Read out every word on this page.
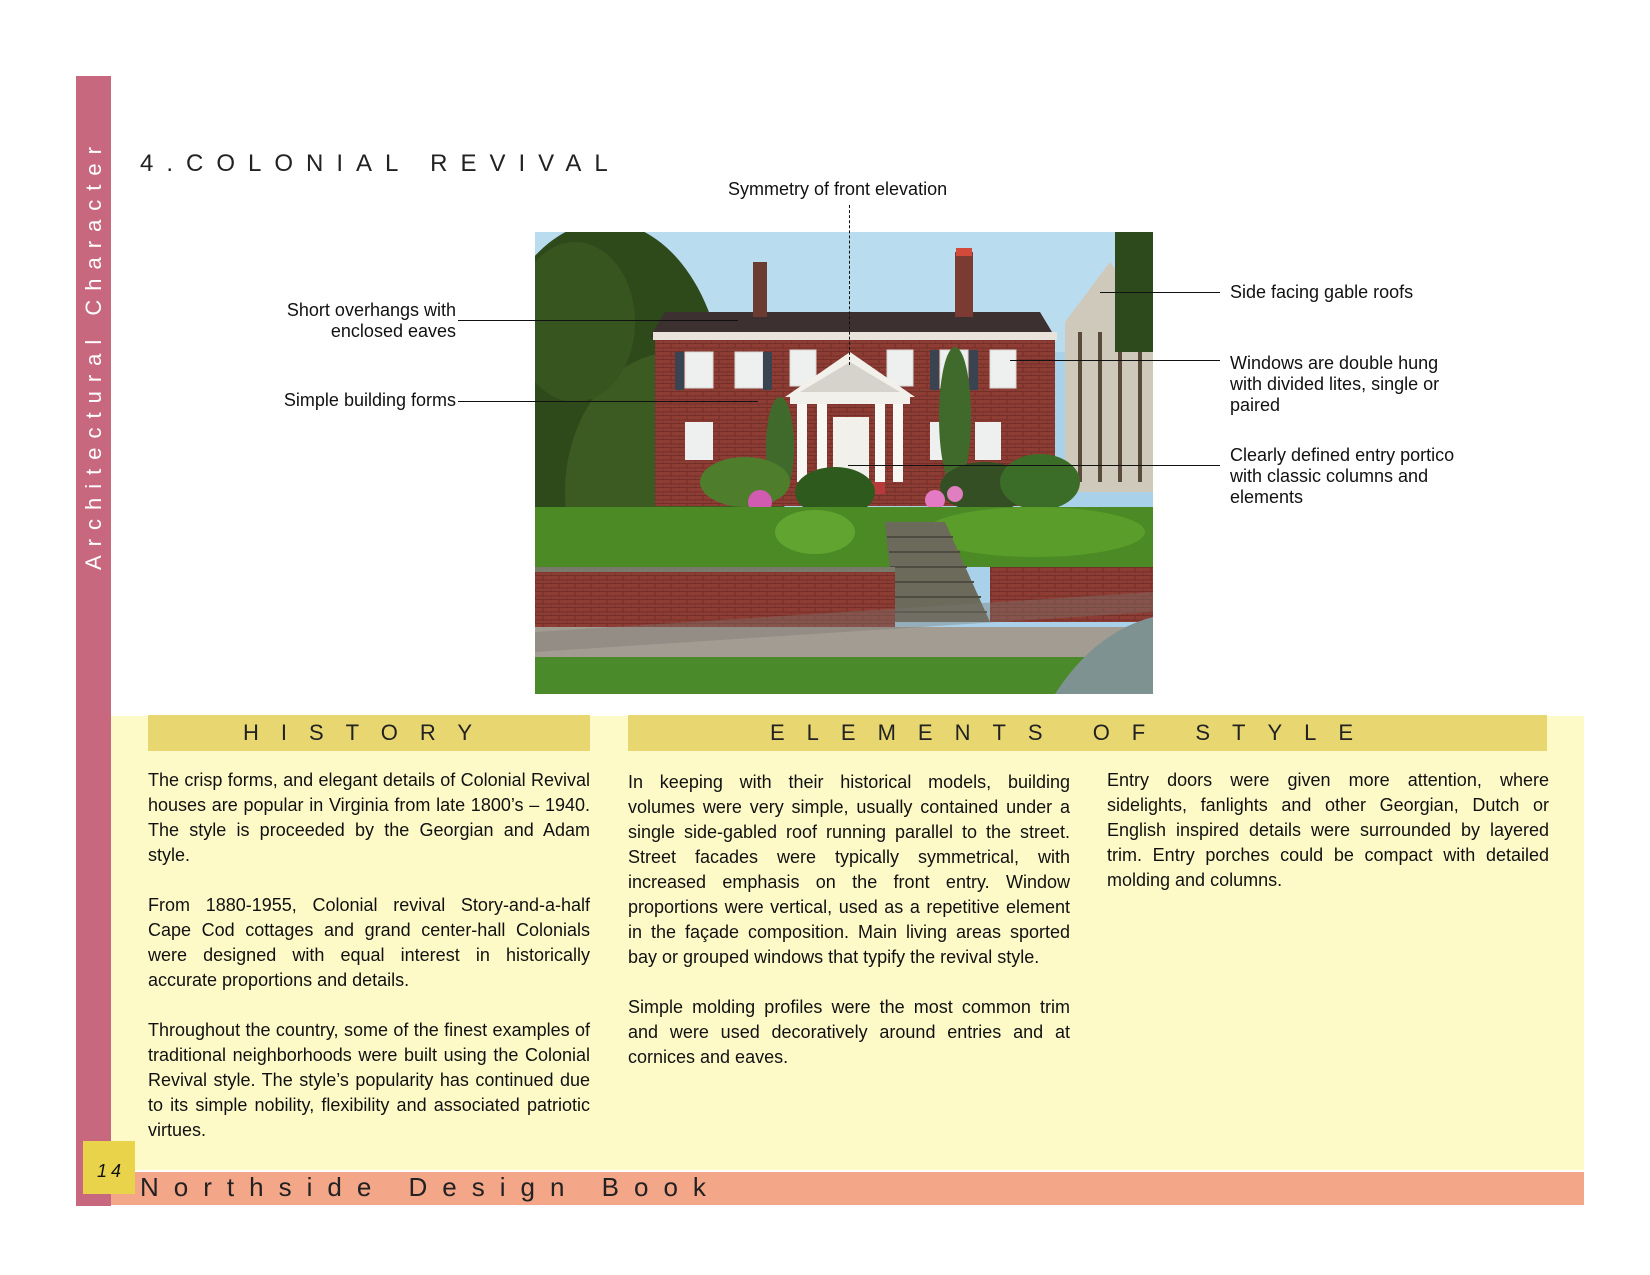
Architectural Character 4.COLONIAL REVIVAL
Symmetry of front elevation
Short overhangs with
enclosed eaves
Simple building forms
Side facing gable roofs
Windows are double hung
with divided lites, single or
paired
Clearly defined entry portico
with classic columns and
elements
HISTORY	ELEMENTS OF STYLE

The crisp forms, and elegant details of Colonial Revival houses are popular in Virginia from late 1800’s – 1940. The style is proceeded by the Georgian and Adam style.

From 1880-1955, Colonial revival Story-and-a-half Cape Cod cottages and grand center-hall Colonials were designed with equal interest in historically accurate proportions and details.

Throughout the country, some of the finest examples of traditional neighborhoods were built using the Colonial Revival style. The style’s popularity has continued due to its simple nobility, flexibility and associated patriotic virtues.

In keeping with their historical models, building volumes were very simple, usually contained under a single side-gabled roof running parallel to the street. Street facades were typically symmetrical, with increased emphasis on the front entry. Window proportions were vertical, used as a repetitive element in the façade composition. Main living areas sported bay or grouped windows that typify the revival style.

Simple molding profiles were the most common trim and were used decoratively around entries and at cornices and eaves.

Entry doors were given more attention, where sidelights, fanlights and other Georgian, Dutch or English inspired details were surrounded by layered trim. Entry porches could be compact with detailed molding and columns.

14
Northside Design Book
